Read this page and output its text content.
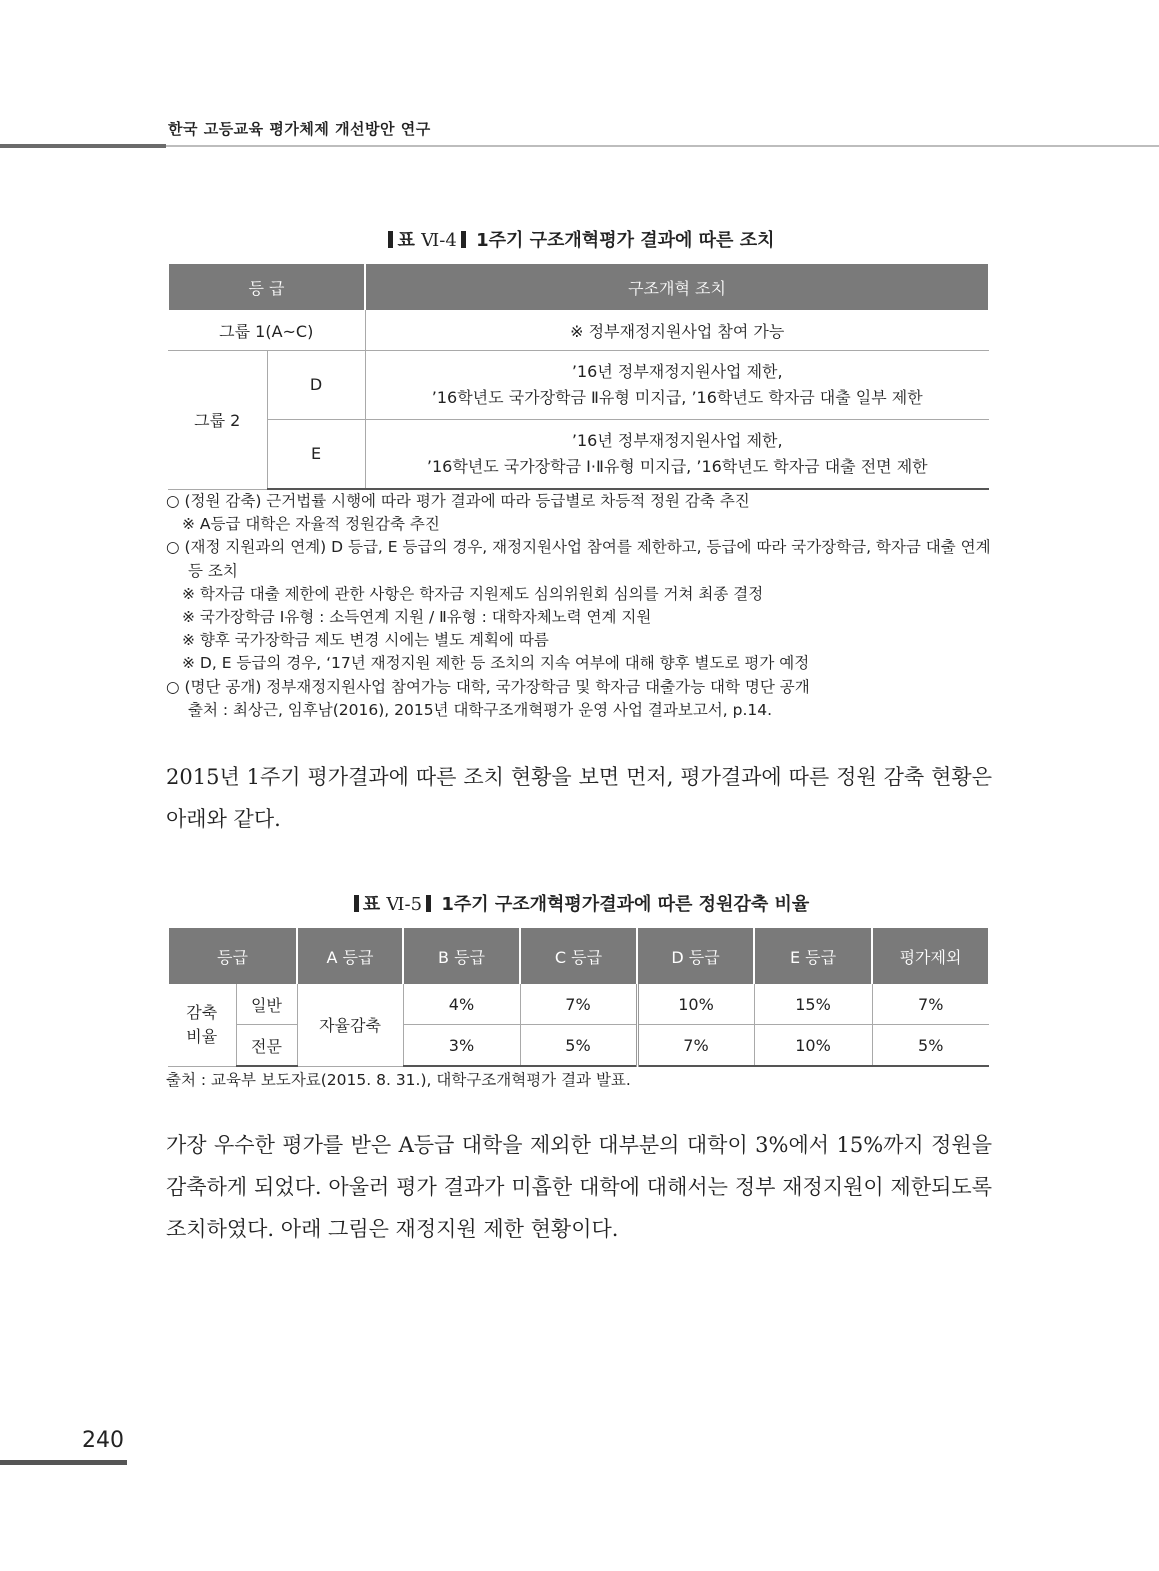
한국 고등교육 평가체제 개선방안 연구
표 Ⅵ-4 1주기 구조개혁평가 결과에 따른 조치
등 급		구조개혁 조치
그룹 1(A~C)		※ 정부재정지원사업 참여 가능
그룹 2	D	’16년 정부재정지원사업 제한,
’16학년도 국가장학금 Ⅱ유형 미지급, ’16학년도 학자금 대출 일부 제한

	E	’16년 정부재정지원사업 제한,
’16학년도 국가장학금 Ⅰ·Ⅱ유형 미지급, ’16학년도 학자금 대출 전면 제한
○ (정원 감축) 근거법률 시행에 따라 평가 결과에 따라 등급별로 차등적 정원 감축 추진
※ A등급 대학은 자율적 정원감축 추진
○ (재정 지원과의 연계) D 등급, E 등급의 경우, 재정지원사업 참여를 제한하고, 등급에 따라 국가장학금, 학자금 대출 연계
등 조치
※ 학자금 대출 제한에 관한 사항은 학자금 지원제도 심의위원회 심의를 거쳐 최종 결정
※ 국가장학금 Ⅰ유형 : 소득연계 지원 / Ⅱ유형 : 대학자체노력 연계 지원
※ 향후 국가장학금 제도 변경 시에는 별도 계획에 따름
※ D, E 등급의 경우, ‘17년 재정지원 제한 등 조치의 지속 여부에 대해 향후 별도로 평가 예정
○ (명단 공개) 정부재정지원사업 참여가능 대학, 국가장학금 및 학자금 대출가능 대학 명단 공개
출처 : 최상근, 임후남(2016), 2015년 대학구조개혁평가 운영 사업 결과보고서, p.14.
2015년 1주기 평가결과에 따른 조치 현황을 보면 먼저, 평가결과에 따른 정원 감축 현황은 아래와 같다.
표 Ⅵ-5 1주기 구조개혁평가결과에 따른 정원감축 비율
등급		A 등급	B 등급	C 등급	D 등급	E 등급	평가제외

감축
비율	일반	자율감축	4%	7%	10%	15%	7%
	전문		3%	5%	7%	10%	5%
출처 : 교육부 보도자료(2015. 8. 31.), 대학구조개혁평가 결과 발표.
가장 우수한 평가를 받은 A등급 대학을 제외한 대부분의 대학이 3%에서 15%까지 정원을 감축하게 되었다. 아울러 평가 결과가 미흡한 대학에 대해서는 정부 재정지원이 제한되도록 조치하였다. 아래 그림은 재정지원 제한 현황이다.
240
